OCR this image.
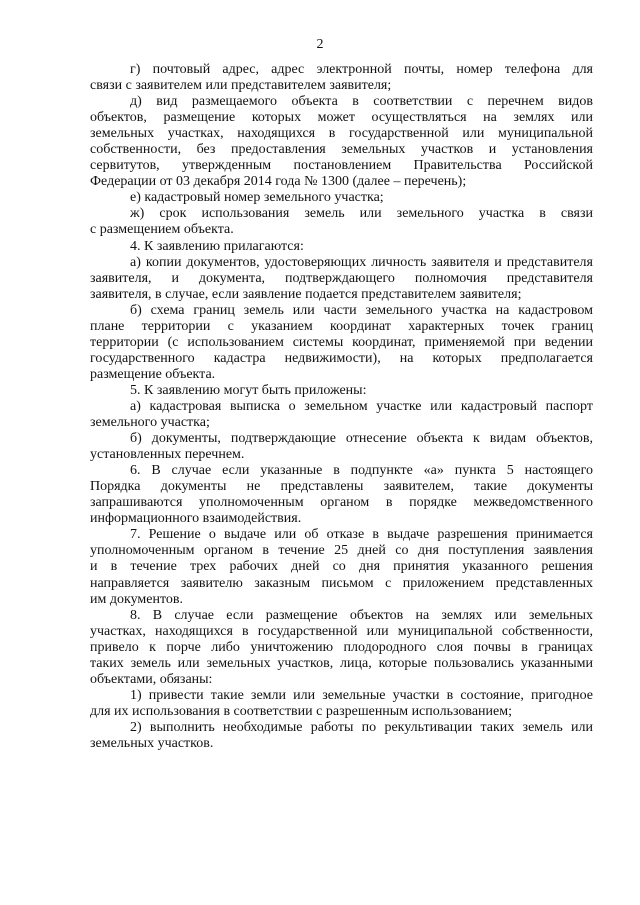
2
г) почтовый адрес, адрес электронной почты, номер телефона для
связи с заявителем или представителем заявителя;
д) вид размещаемого объекта в соответствии с перечнем видов
объектов, размещение которых может осуществляться на землях или
земельных участках, находящихся в государственной или муниципальной
собственности, без предоставления земельных участков и установления
сервитутов, утвержденным постановлением Правительства Российской
Федерации от 03 декабря 2014 года № 1300 (далее – перечень);
е) кадастровый номер земельного участка;
ж) срок использования земель или земельного участка в связи
с размещением объекта.
4. К заявлению прилагаются:
а) копии документов, удостоверяющих личность заявителя и представителя
заявителя, и документа, подтверждающего полномочия представителя
заявителя, в случае, если заявление подается представителем заявителя;
б) схема границ земель или части земельного участка на кадастровом
плане территории с указанием координат характерных точек границ
территории (с использованием системы координат, применяемой при ведении
государственного кадастра недвижимости), на которых предполагается
размещение объекта.
5. К заявлению могут быть приложены:
а) кадастровая выписка о земельном участке или кадастровый паспорт
земельного участка;
б) документы, подтверждающие отнесение объекта к видам объектов,
установленных перечнем.
6. В случае если указанные в подпункте «а» пункта 5 настоящего
Порядка документы не представлены заявителем, такие документы
запрашиваются уполномоченным органом в порядке межведомственного
информационного взаимодействия.
7. Решение о выдаче или об отказе в выдаче разрешения принимается
уполномоченным органом в течение 25 дней со дня поступления заявления
и в течение трех рабочих дней со дня принятия указанного решения
направляется заявителю заказным письмом с приложением представленных
им документов.
8. В случае если размещение объектов на землях или земельных
участках, находящихся в государственной или муниципальной собственности,
привело к порче либо уничтожению плодородного слоя почвы в границах
таких земель или земельных участков, лица, которые пользовались указанными
объектами, обязаны:
1) привести такие земли или земельные участки в состояние, пригодное
для их использования в соответствии с разрешенным использованием;
2) выполнить необходимые работы по рекультивации таких земель или
земельных участков.
